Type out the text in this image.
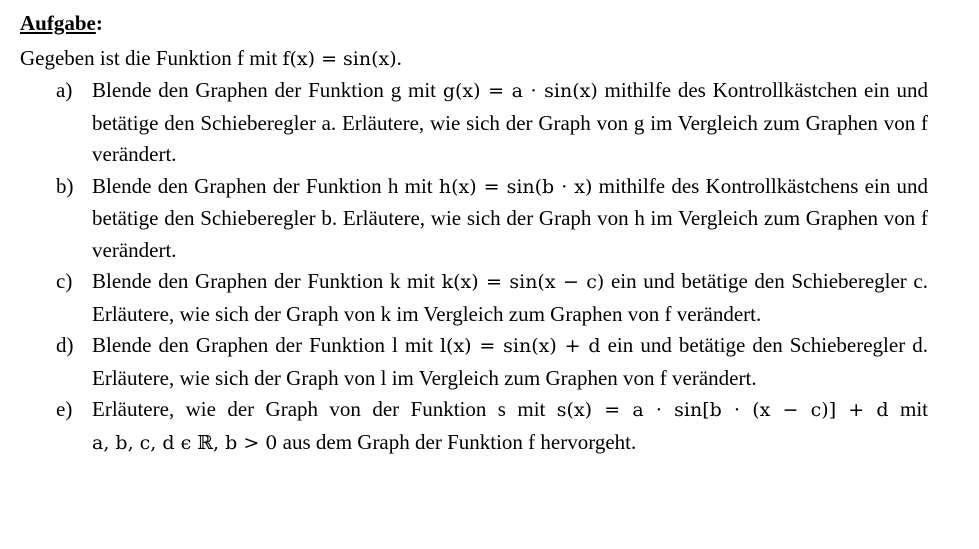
Aufgabe:

Gegeben ist die Funktion f mit f(x) = sin(x).

a) Blende den Graphen der Funktion g mit g(x) = a · sin(x) mithilfe des Kontrollkästchen ein und betätige den Schieberegler a. Erläutere, wie sich der Graph von g im Vergleich zum Graphen von f verändert.
b) Blende den Graphen der Funktion h mit h(x) = sin(b · x) mithilfe des Kontrollkästchens ein und betätige den Schieberegler b. Erläutere, wie sich der Graph von h im Vergleich zum Graphen von f verändert.
c) Blende den Graphen der Funktion k mit k(x) = sin(x − c) ein und betätige den Schieberegler c. Erläutere, wie sich der Graph von k im Vergleich zum Graphen von f verändert.
d) Blende den Graphen der Funktion l mit l(x) = sin(x) + d ein und betätige den Schieberegler d. Erläutere, wie sich der Graph von l im Vergleich zum Graphen von f verändert.
e) Erläutere, wie der Graph von der Funktion s mit s(x) = a · sin[b · (x − c)] + d mit a, b, c, d ϵ ℝ, b > 0 aus dem Graph der Funktion f hervorgeht.
